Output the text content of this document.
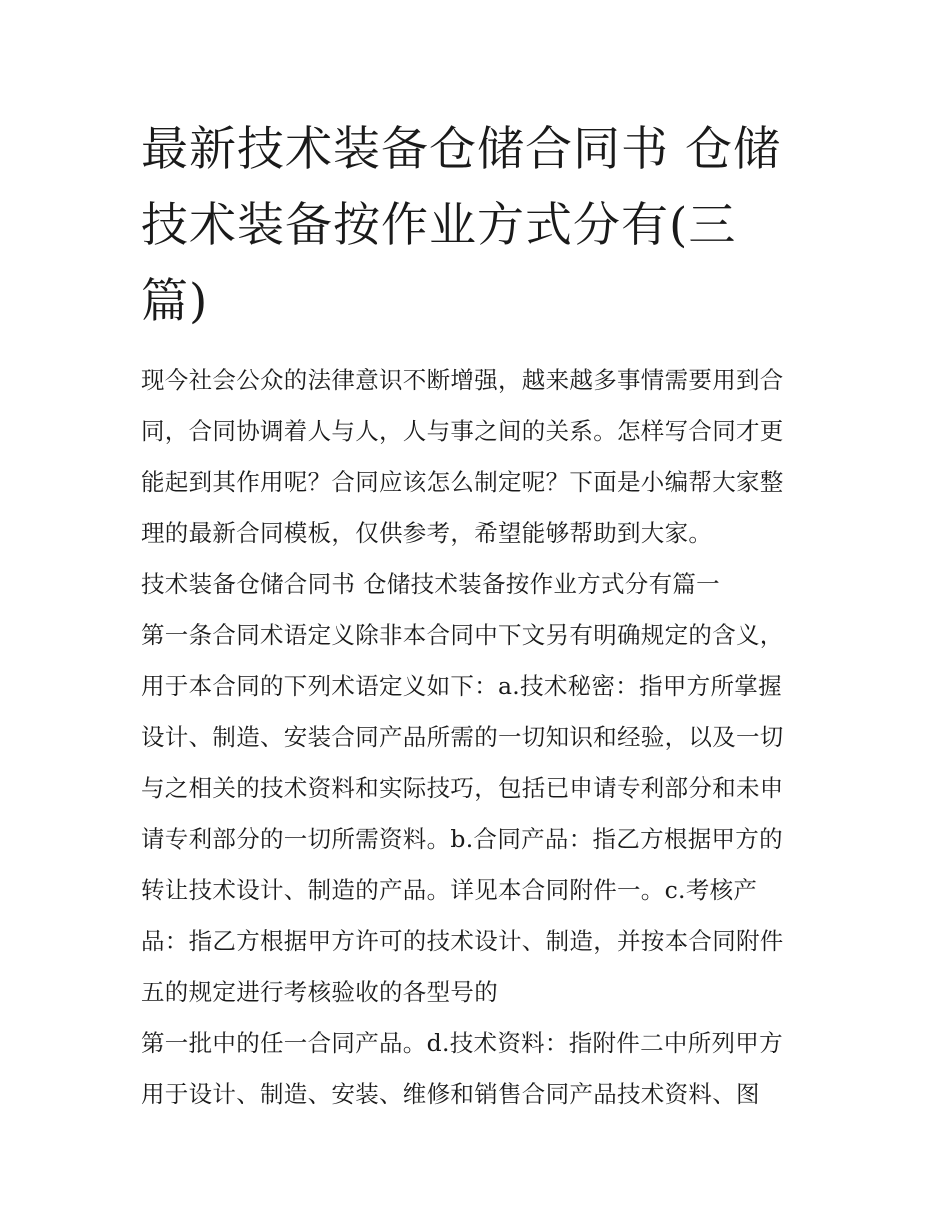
最新技术装备仓储合同书 仓储
技术装备按作业方式分有(三
篇)
现今社会公众的法律意识不断增强，越来越多事情需要用到合
同，合同协调着人与人，人与事之间的关系。怎样写合同才更
能起到其作用呢？合同应该怎么制定呢？下面是小编帮大家整
理的最新合同模板，仅供参考，希望能够帮助到大家。
技术装备仓储合同书 仓储技术装备按作业方式分有篇一
第一条合同术语定义除非本合同中下文另有明确规定的含义，
用于本合同的下列术语定义如下：a.技术秘密：指甲方所掌握
设计、制造、安装合同产品所需的一切知识和经验，以及一切
与之相关的技术资料和实际技巧，包括已申请专利部分和未申
请专利部分的一切所需资料。b.合同产品：指乙方根据甲方的
转让技术设计、制造的产品。详见本合同附件一。c.考核产
品：指乙方根据甲方许可的技术设计、制造，并按本合同附件
五的规定进行考核验收的各型号的
第一批中的任一合同产品。d.技术资料：指附件二中所列甲方
用于设计、制造、安装、维修和销售合同产品技术资料、图
